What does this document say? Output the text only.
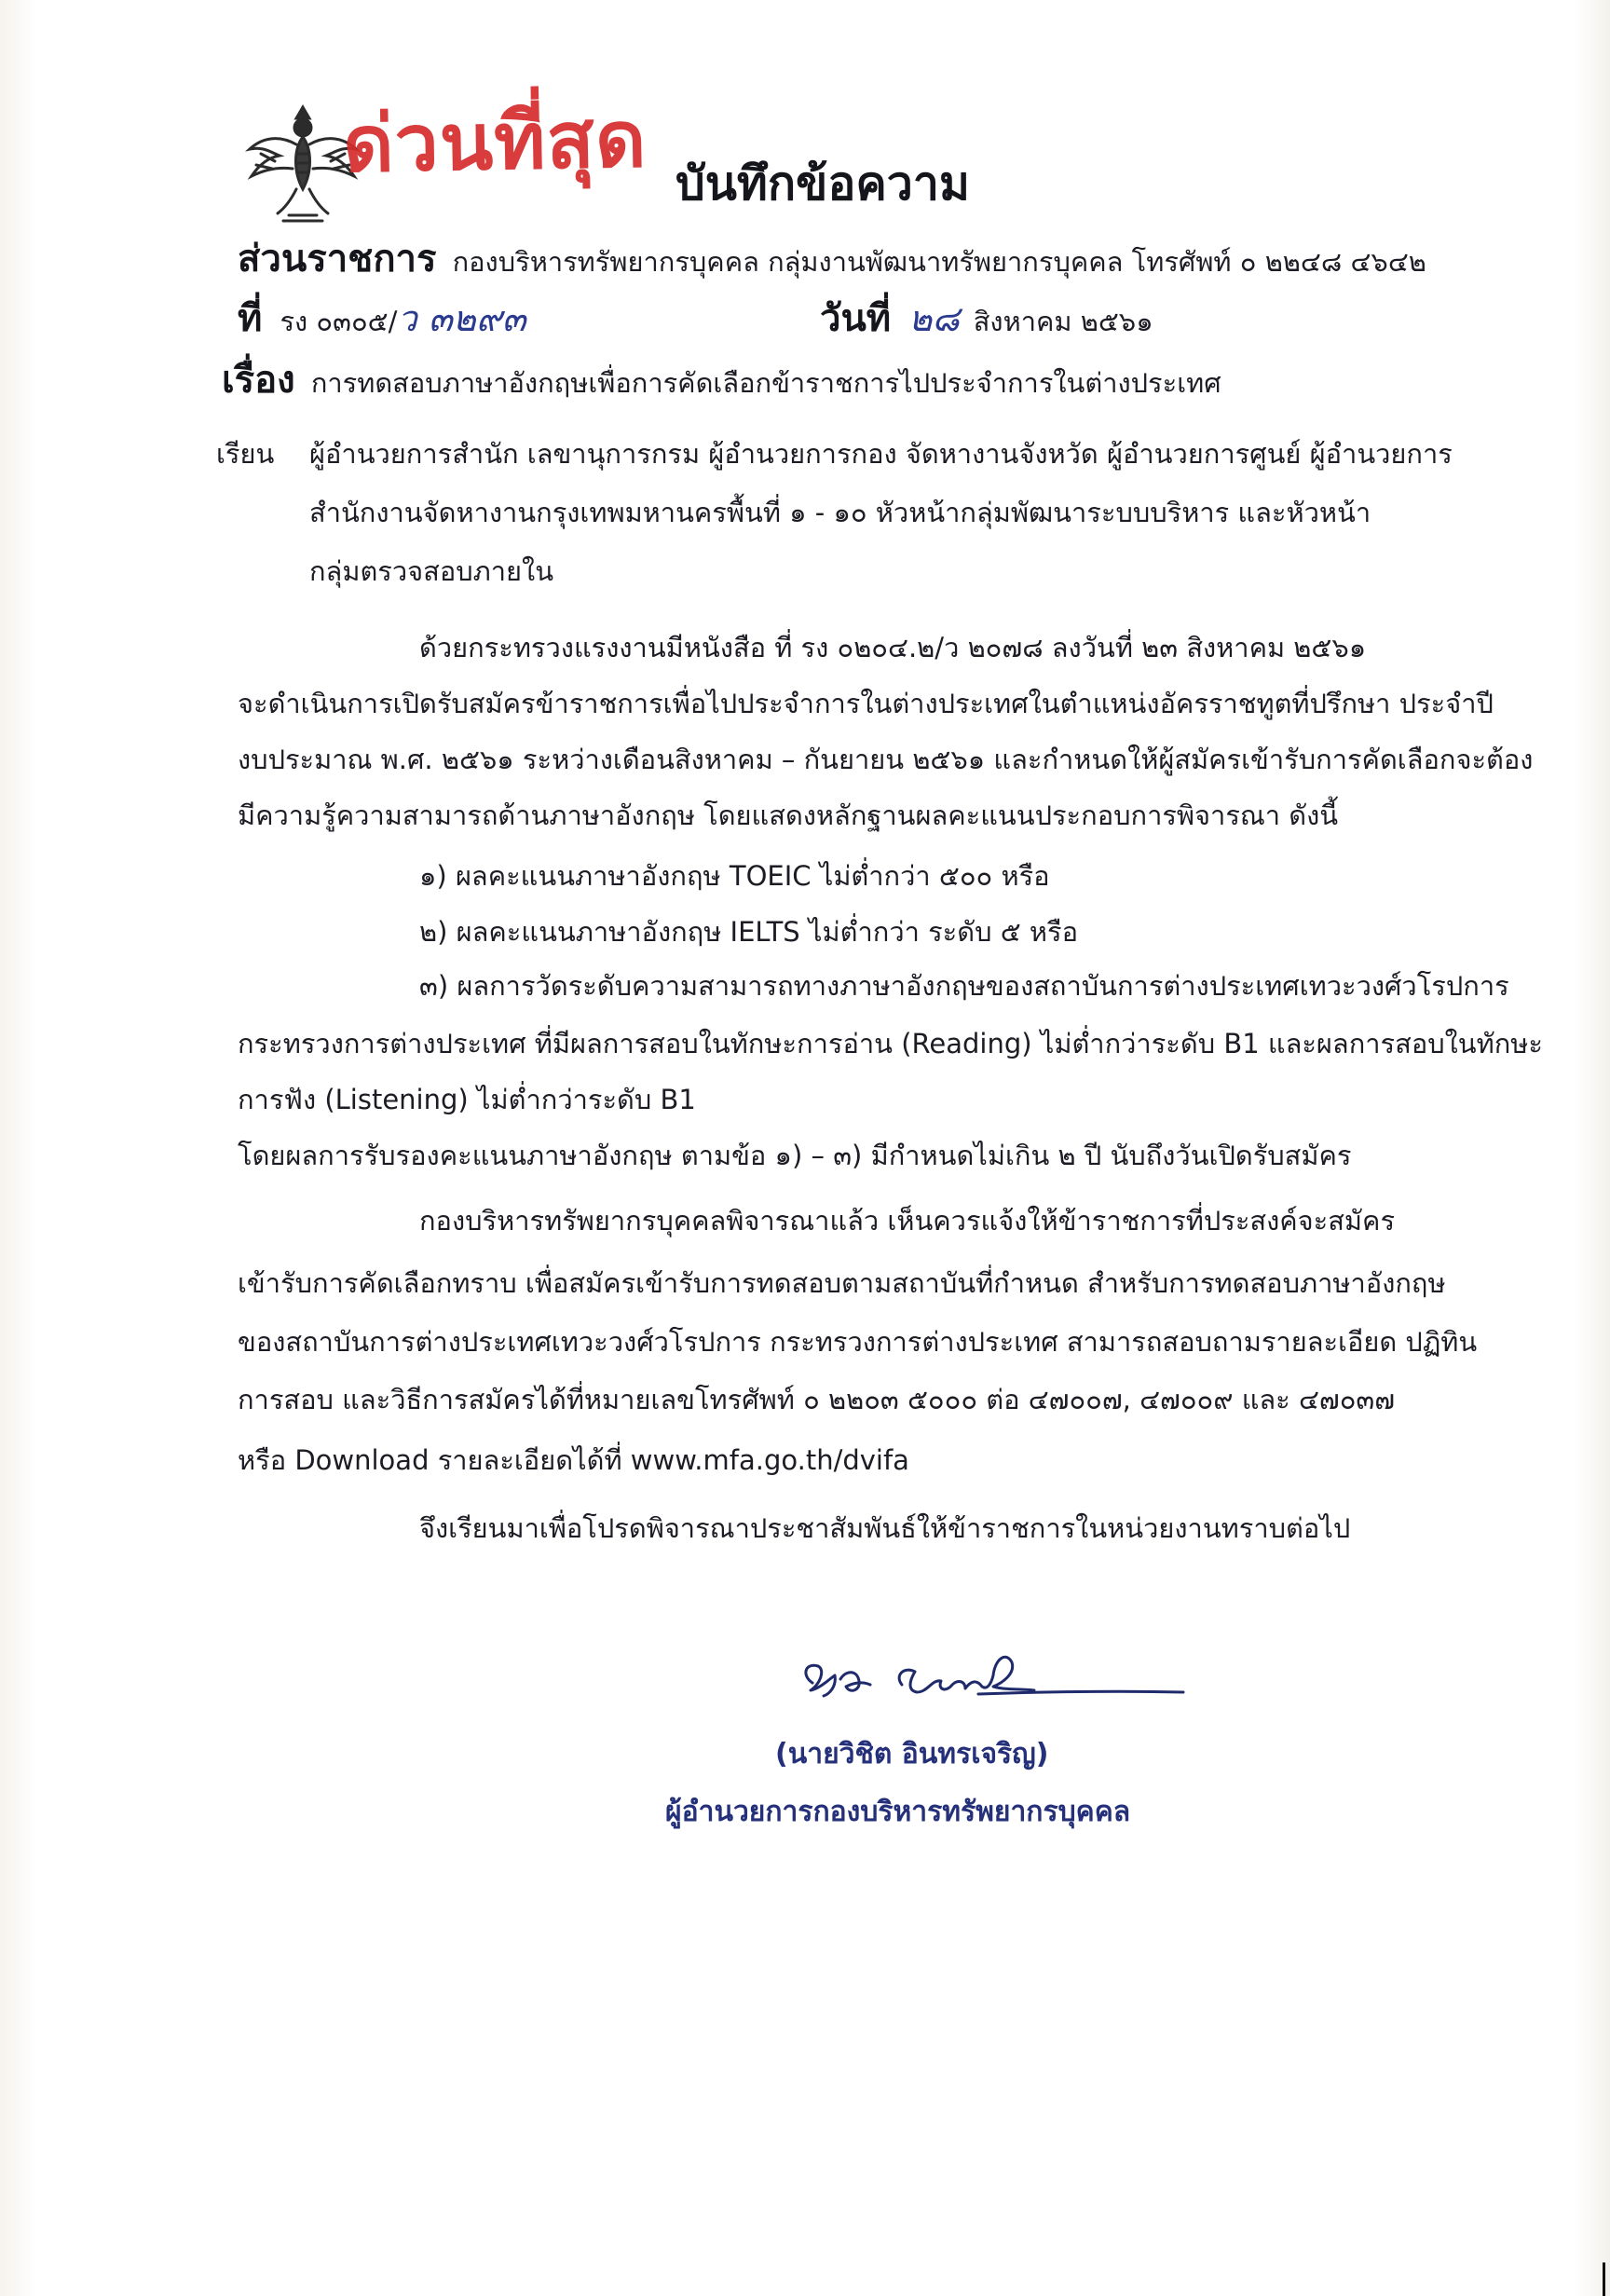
ด่วนที่สุด บันทึกข้อความ
ส่วนราชการ กองบริหารทรัพยากรบุคคล กลุ่มงานพัฒนาทรัพยากรบุคคล โทรศัพท์ ๐ ๒๒๔๘ ๔๖๔๒
ที่ รง ๐๓๐๕/ว ๓๒๙๓	วันที่ ๒๘ สิงหาคม ๒๕๖๑
เรื่อง การทดสอบภาษาอังกฤษเพื่อการคัดเลือกข้าราชการไปประจำการในต่างประเทศ
เรียน ผู้อำนวยการสำนัก เลขานุการกรม ผู้อำนวยการกอง จัดหางานจังหวัด ผู้อำนวยการศูนย์ ผู้อำนวยการ
สำนักงานจัดหางานกรุงเทพมหานครพื้นที่ ๑ - ๑๐ หัวหน้ากลุ่มพัฒนาระบบบริหาร และหัวหน้า
กลุ่มตรวจสอบภายใน
ด้วยกระทรวงแรงงานมีหนังสือ ที่ รง ๐๒๐๔.๒/ว ๒๐๗๘ ลงวันที่ ๒๓ สิงหาคม ๒๕๖๑
จะดำเนินการเปิดรับสมัครข้าราชการเพื่อไปประจำการในต่างประเทศในตำแหน่งอัครราชทูตที่ปรึกษา ประจำปี
งบประมาณ พ.ศ. ๒๕๖๑ ระหว่างเดือนสิงหาคม – กันยายน ๒๕๖๑ และกำหนดให้ผู้สมัครเข้ารับการคัดเลือกจะต้อง
มีความรู้ความสามารถด้านภาษาอังกฤษ โดยแสดงหลักฐานผลคะแนนประกอบการพิจารณา ดังนี้
๑) ผลคะแนนภาษาอังกฤษ TOEIC ไม่ต่ำกว่า ๕๐๐ หรือ
๒) ผลคะแนนภาษาอังกฤษ IELTS ไม่ต่ำกว่า ระดับ ๕ หรือ
๓) ผลการวัดระดับความสามารถทางภาษาอังกฤษของสถาบันการต่างประเทศเทวะวงศ์วโรปการ
กระทรวงการต่างประเทศ ที่มีผลการสอบในทักษะการอ่าน (Reading) ไม่ต่ำกว่าระดับ B1 และผลการสอบในทักษะ
การฟัง (Listening) ไม่ต่ำกว่าระดับ B1
โดยผลการรับรองคะแนนภาษาอังกฤษ ตามข้อ ๑) – ๓) มีกำหนดไม่เกิน ๒ ปี นับถึงวันเปิดรับสมัคร
กองบริหารทรัพยากรบุคคลพิจารณาแล้ว เห็นควรแจ้งให้ข้าราชการที่ประสงค์จะสมัคร
เข้ารับการคัดเลือกทราบ เพื่อสมัครเข้ารับการทดสอบตามสถาบันที่กำหนด สำหรับการทดสอบภาษาอังกฤษ
ของสถาบันการต่างประเทศเทวะวงศ์วโรปการ กระทรวงการต่างประเทศ สามารถสอบถามรายละเอียด ปฏิทิน
การสอบ และวิธีการสมัครได้ที่หมายเลขโทรศัพท์ ๐ ๒๒๐๓ ๕๐๐๐ ต่อ ๔๗๐๐๗, ๔๗๐๐๙ และ ๔๗๐๓๗
หรือ Download รายละเอียดได้ที่ www.mfa.go.th/dvifa
จึงเรียนมาเพื่อโปรดพิจารณาประชาสัมพันธ์ให้ข้าราชการในหน่วยงานทราบต่อไป
Vichit Intharacharoen
(นายวิชิต อินทรเจริญ)
ผู้อำนวยการกองบริหารทรัพยากรบุคคล
